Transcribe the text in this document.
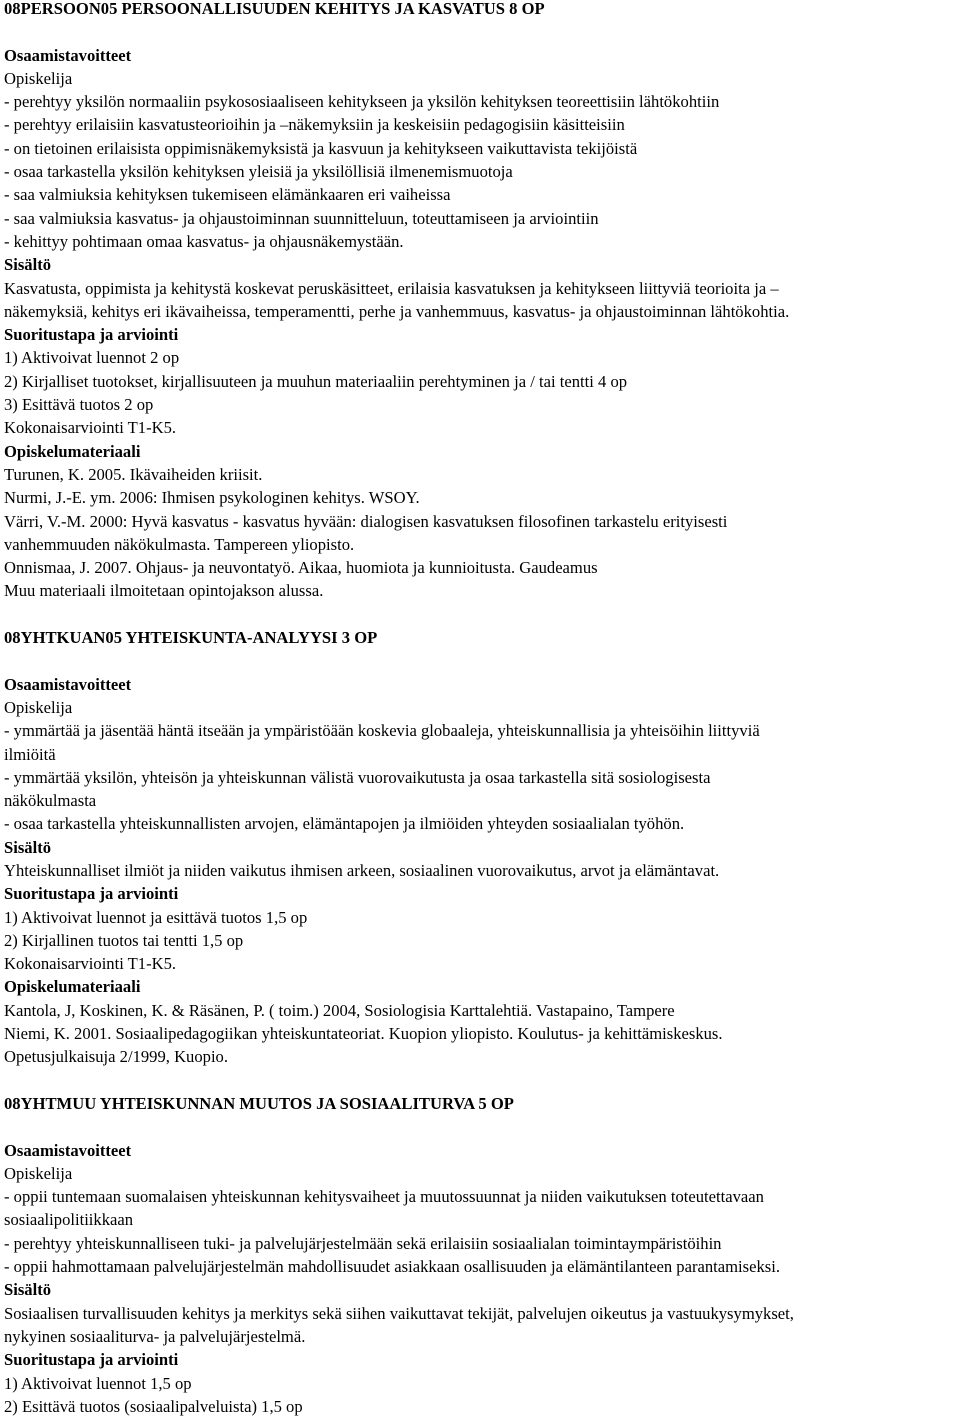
08PERSOON05 PERSOONALLISUUDEN KEHITYS JA KASVATUS 8 OP
Osaamistavoitteet
Opiskelija
- perehtyy yksilön normaaliin psykososiaaliseen kehitykseen ja yksilön kehityksen teoreettisiin lähtökohtiin
- perehtyy erilaisiin kasvatusteorioihin ja –näkemyksiin ja keskeisiin pedagogisiin käsitteisiin
- on tietoinen erilaisista oppimisnäkemyksistä ja kasvuun ja kehitykseen vaikuttavista tekijöistä
- osaa tarkastella yksilön kehityksen yleisiä ja yksilöllisiä ilmenemismuotoja
- saa valmiuksia kehityksen tukemiseen elämänkaaren eri vaiheissa
- saa valmiuksia kasvatus- ja ohjaustoiminnan suunnitteluun, toteuttamiseen ja arviointiin
- kehittyy pohtimaan omaa kasvatus- ja ohjausnäkemystään.
Sisältö
Kasvatusta, oppimista ja kehitystä koskevat peruskäsitteet, erilaisia kasvatuksen ja kehitykseen liittyviä teorioita ja –
näkemyksiä, kehitys eri ikävaiheissa, temperamentti, perhe ja vanhemmuus, kasvatus- ja ohjaustoiminnan lähtökohtia.
Suoritustapa ja arviointi
1) Aktivoivat luennot 2 op
2) Kirjalliset tuotokset, kirjallisuuteen ja muuhun materiaaliin perehtyminen ja / tai tentti 4 op
3) Esittävä tuotos 2 op
Kokonaisarviointi T1-K5.
Opiskelumateriaali
Turunen, K. 2005. Ikävaiheiden kriisit.
Nurmi, J.-E. ym. 2006: Ihmisen psykologinen kehitys. WSOY.
Värri, V.-M. 2000: Hyvä kasvatus - kasvatus hyvään: dialogisen kasvatuksen filosofinen tarkastelu erityisesti
vanhemmuuden näkökulmasta. Tampereen yliopisto.
Onnismaa, J. 2007. Ohjaus- ja neuvontatyö. Aikaa, huomiota ja kunnioitusta. Gaudeamus
Muu materiaali ilmoitetaan opintojakson alussa.
08YHTKUAN05 YHTEISKUNTA-ANALYYSI 3 OP
Osaamistavoitteet
Opiskelija
- ymmärtää ja jäsentää häntä itseään ja ympäristöään koskevia globaaleja, yhteiskunnallisia ja yhteisöihin liittyviä
ilmiöitä
- ymmärtää yksilön, yhteisön ja yhteiskunnan välistä vuorovaikutusta ja osaa tarkastella sitä sosiologisesta
näkökulmasta
- osaa tarkastella yhteiskunnallisten arvojen, elämäntapojen ja ilmiöiden yhteyden sosiaalialan työhön.
Sisältö
Yhteiskunnalliset ilmiöt ja niiden vaikutus ihmisen arkeen, sosiaalinen vuorovaikutus, arvot ja elämäntavat.
Suoritustapa ja arviointi
1) Aktivoivat luennot ja esittävä tuotos 1,5 op
2) Kirjallinen tuotos tai tentti 1,5 op
Kokonaisarviointi T1-K5.
Opiskelumateriaali
Kantola, J, Koskinen, K. & Räsänen, P. ( toim.) 2004, Sosiologisia Karttalehtiä. Vastapaino, Tampere
Niemi, K. 2001. Sosiaalipedagogiikan yhteiskuntateoriat. Kuopion yliopisto. Koulutus- ja kehittämiskeskus.
Opetusjulkaisuja 2/1999, Kuopio.
08YHTMUU YHTEISKUNNAN MUUTOS JA SOSIAALITURVA 5 OP
Osaamistavoitteet
Opiskelija
- oppii tuntemaan suomalaisen yhteiskunnan kehitysvaiheet ja muutossuunnat ja niiden vaikutuksen toteutettavaan
sosiaalipolitiikkaan
- perehtyy yhteiskunnalliseen tuki- ja palvelujärjestelmään sekä erilaisiin sosiaalialan toimintaympäristöihin
- oppii hahmottamaan palvelujärjestelmän mahdollisuudet asiakkaan osallisuuden ja elämäntilanteen parantamiseksi.
Sisältö
Sosiaalisen turvallisuuden kehitys ja merkitys sekä siihen vaikuttavat tekijät, palvelujen oikeutus ja vastuukysymykset,
nykyinen sosiaaliturva- ja palvelujärjestelmä.
Suoritustapa ja arviointi
1) Aktivoivat luennot 1,5 op
2) Esittävä tuotos (sosiaalipalveluista) 1,5 op
